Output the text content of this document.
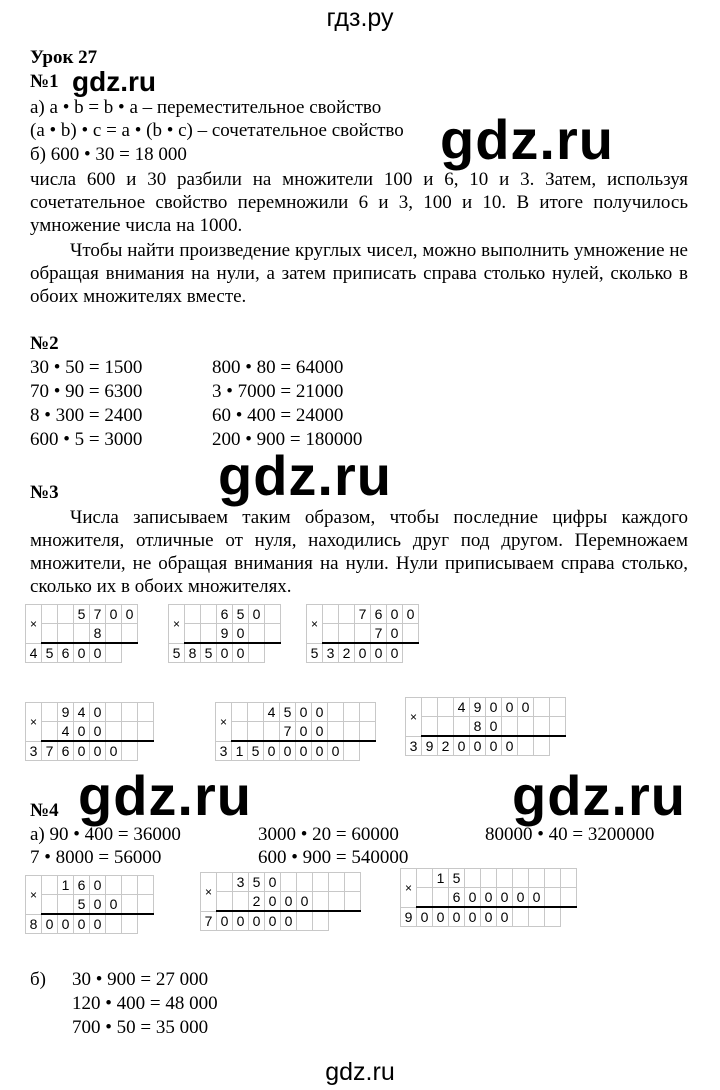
гдз.ру
gdz.ru
gdz.ru
gdz.ru
gdz.ru
gdz.ru	gdz.ru
Урок 27
№1
а) a • b = b • a – переместительное свойство
(a • b) • c = a • (b • c) – сочетательное свойство
б) 600 • 30 = 18 000
числа 600 и 30 разбили на множители 100 и 6, 10 и 3. Затем, используя сочетательное свойство перемножили 6 и 3, 100 и 10. В итоге получилось умножение числа на 1000.
Чтобы найти произведение круглых чисел, можно выполнить умножение не обращая внимания на нули, а затем приписать справа столько нулей, сколько в обоих множителях вместе.
№2
30 • 50 = 1500
70 • 90 = 6300
8 • 300 = 2400
600 • 5 = 3000
800 • 80 = 64000
3 • 7000 = 21000
60 • 400 = 24000
200 • 900 = 180000
№3
Числа записываем таким образом, чтобы последние цифры каждого множителя, отличные от нуля, находились друг под другом. Перемножаем множители, не обращая внимания на нули. Нули приписываем справа столько, сколько их в обоих множителях.
×			5	7	0	0
				8		
4	5	6	0	0		
×			6	5	0	
			9	0		
5	8	5	0	0		
×			7	6	0	0
				7	0	
5	3	2	0	0	0	
×		9	4	0			
		4	0	0			
3	7	6	0	0	0		
×			4	5	0	0			
				7	0	0			
3	1	5	0	0	0	0	0		
×			4	9	0	0	0		
				8	0				
3	9	2	0	0	0	0			
×		1	6	0			
			5	0	0		
8	0	0	0	0			
×		3	5	0					
			2	0	0	0			
7	0	0	0	0	0				
×		1	5							
			6	0	0	0	0	0		
9	0	0	0	0	0	0				
№4
а) 90 • 400 = 36000	3000 • 20 = 60000	80000 • 40 = 3200000
7 • 8000 = 56000	600 • 900 = 540000
б) 30 • 900 = 27 000
120 • 400 = 48 000
700 • 50 = 35 000
